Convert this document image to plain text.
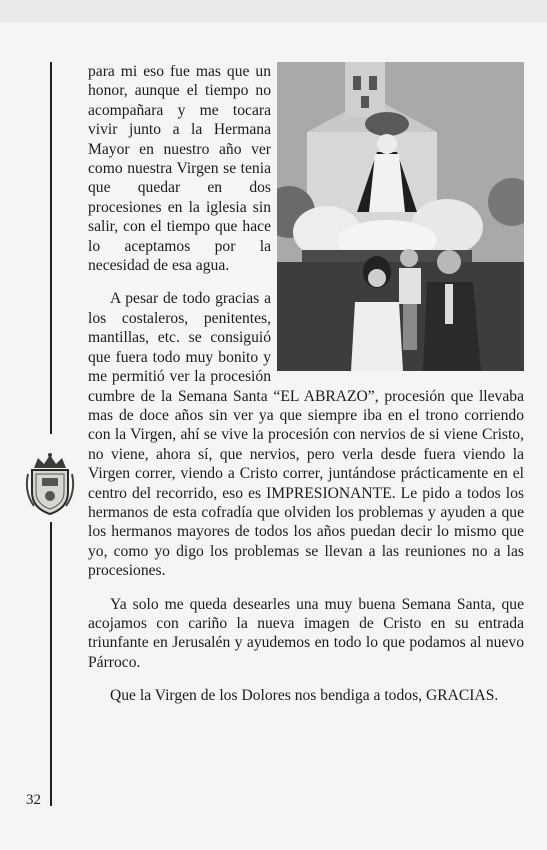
para mi eso fue mas que un honor, aunque el tiempo no acompañara y me tocara vivir junto a la Hermana Mayor en nuestro año ver como nuestra Virgen se tenia que quedar en dos procesiones en la iglesia sin salir, con el tiempo que hace lo aceptamos por la necesidad de esa agua.

A pesar de todo gracias a los costaleros, penitentes, mantillas, etc. se consiguió que fuera todo muy bonito y me permitió ver la procesión cumbre de la Semana Santa “EL ABRAZO”, procesión que llevaba mas de doce años sin ver ya que siempre iba en el trono corriendo con la Virgen, ahí se vive la procesión con nervios de si viene Cristo, no viene, ahora sí, que nervios, pero verla desde fuera viendo la Virgen correr, viendo a Cristo correr, juntándose prácticamente en el centro del recorrido, eso es IMPRESIONANTE. Le pido a todos los hermanos de esta cofradía que olviden los problemas y ayuden a que los hermanos mayores de todos los años puedan decir lo mismo que yo, como yo digo los problemas se llevan a las reuniones no a las procesiones.

Ya solo me queda desearles una muy buena Semana Santa, que acojamos con cariño la nueva imagen de Cristo en su entrada triunfante en Jerusalén y ayudemos en todo lo que podamos al nuevo Párroco.

Que la Virgen de los Dolores nos bendiga a todos, GRACIAS.

32
